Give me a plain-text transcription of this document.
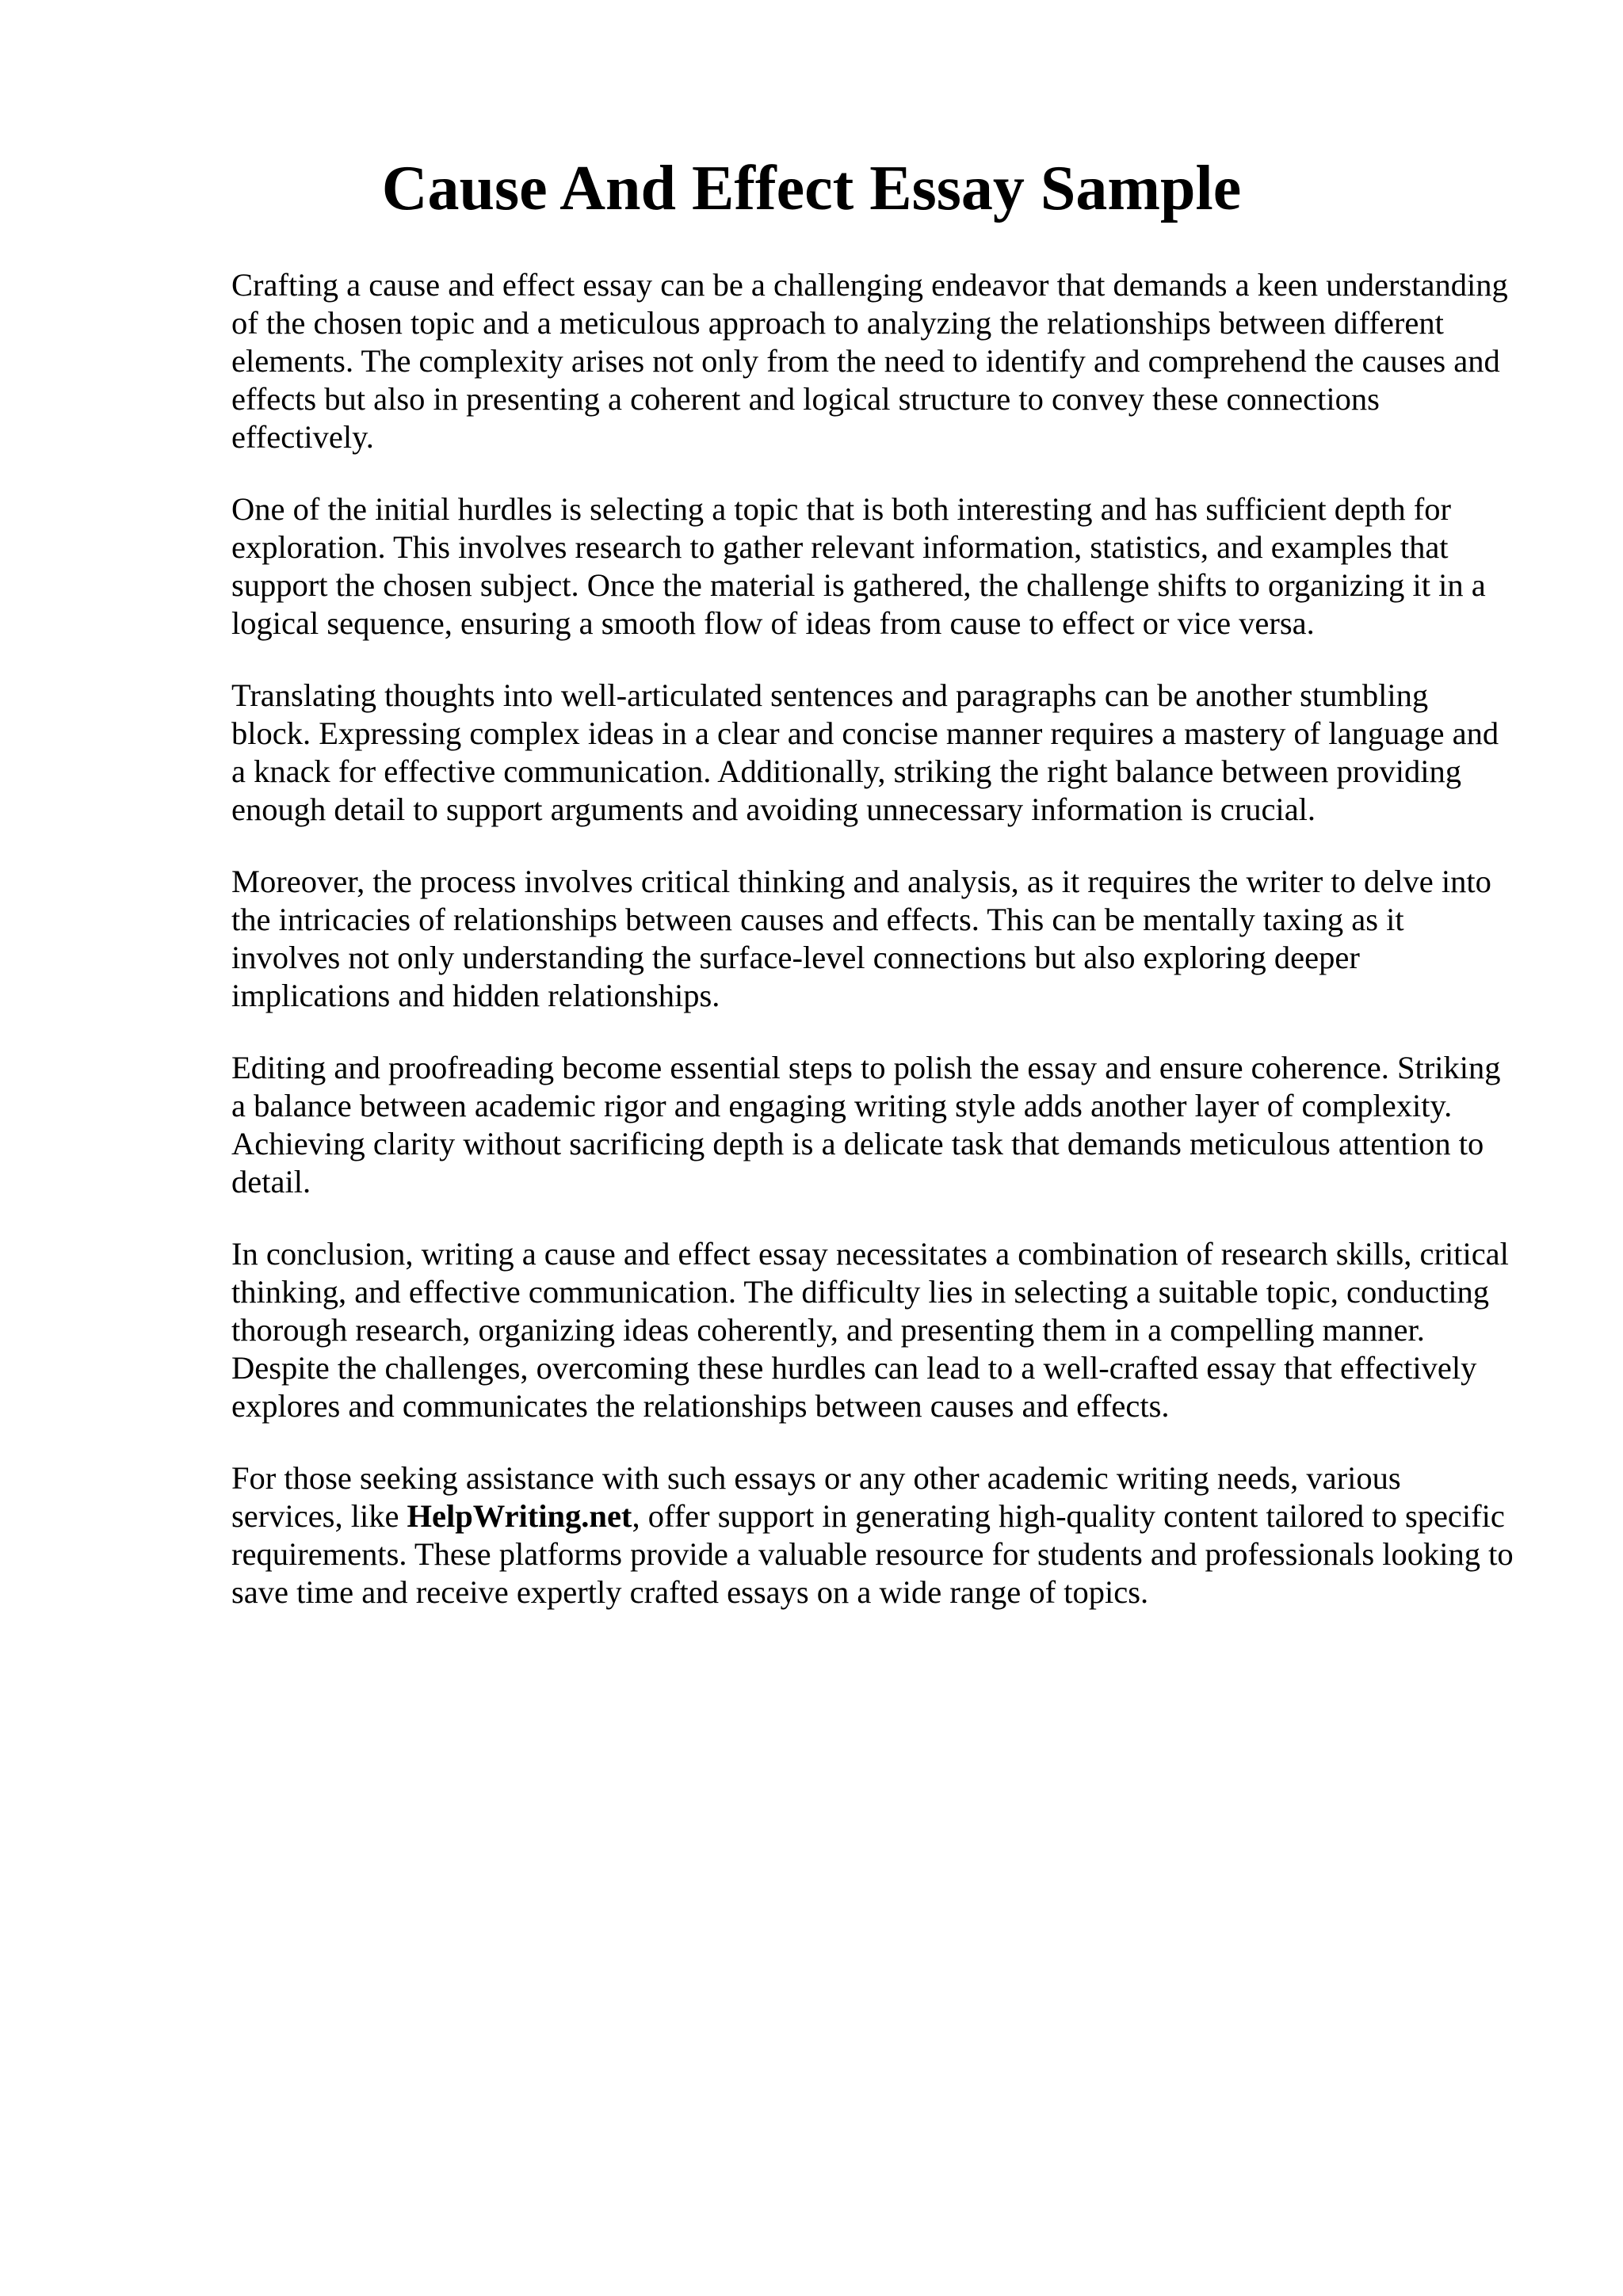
Cause And Effect Essay Sample

Crafting a cause and effect essay can be a challenging endeavor that demands a keen understanding of the chosen topic and a meticulous approach to analyzing the relationships between different elements. The complexity arises not only from the need to identify and comprehend the causes and effects but also in presenting a coherent and logical structure to convey these connections effectively.

One of the initial hurdles is selecting a topic that is both interesting and has sufficient depth for exploration. This involves research to gather relevant information, statistics, and examples that support the chosen subject. Once the material is gathered, the challenge shifts to organizing it in a logical sequence, ensuring a smooth flow of ideas from cause to effect or vice versa.

Translating thoughts into well-articulated sentences and paragraphs can be another stumbling block. Expressing complex ideas in a clear and concise manner requires a mastery of language and a knack for effective communication. Additionally, striking the right balance between providing enough detail to support arguments and avoiding unnecessary information is crucial.

Moreover, the process involves critical thinking and analysis, as it requires the writer to delve into the intricacies of relationships between causes and effects. This can be mentally taxing as it involves not only understanding the surface-level connections but also exploring deeper implications and hidden relationships.

Editing and proofreading become essential steps to polish the essay and ensure coherence. Striking a balance between academic rigor and engaging writing style adds another layer of complexity. Achieving clarity without sacrificing depth is a delicate task that demands meticulous attention to detail.

In conclusion, writing a cause and effect essay necessitates a combination of research skills, critical thinking, and effective communication. The difficulty lies in selecting a suitable topic, conducting thorough research, organizing ideas coherently, and presenting them in a compelling manner. Despite the challenges, overcoming these hurdles can lead to a well-crafted essay that effectively explores and communicates the relationships between causes and effects.

For those seeking assistance with such essays or any other academic writing needs, various services, like HelpWriting.net, offer support in generating high-quality content tailored to specific requirements. These platforms provide a valuable resource for students and professionals looking to save time and receive expertly crafted essays on a wide range of topics.
